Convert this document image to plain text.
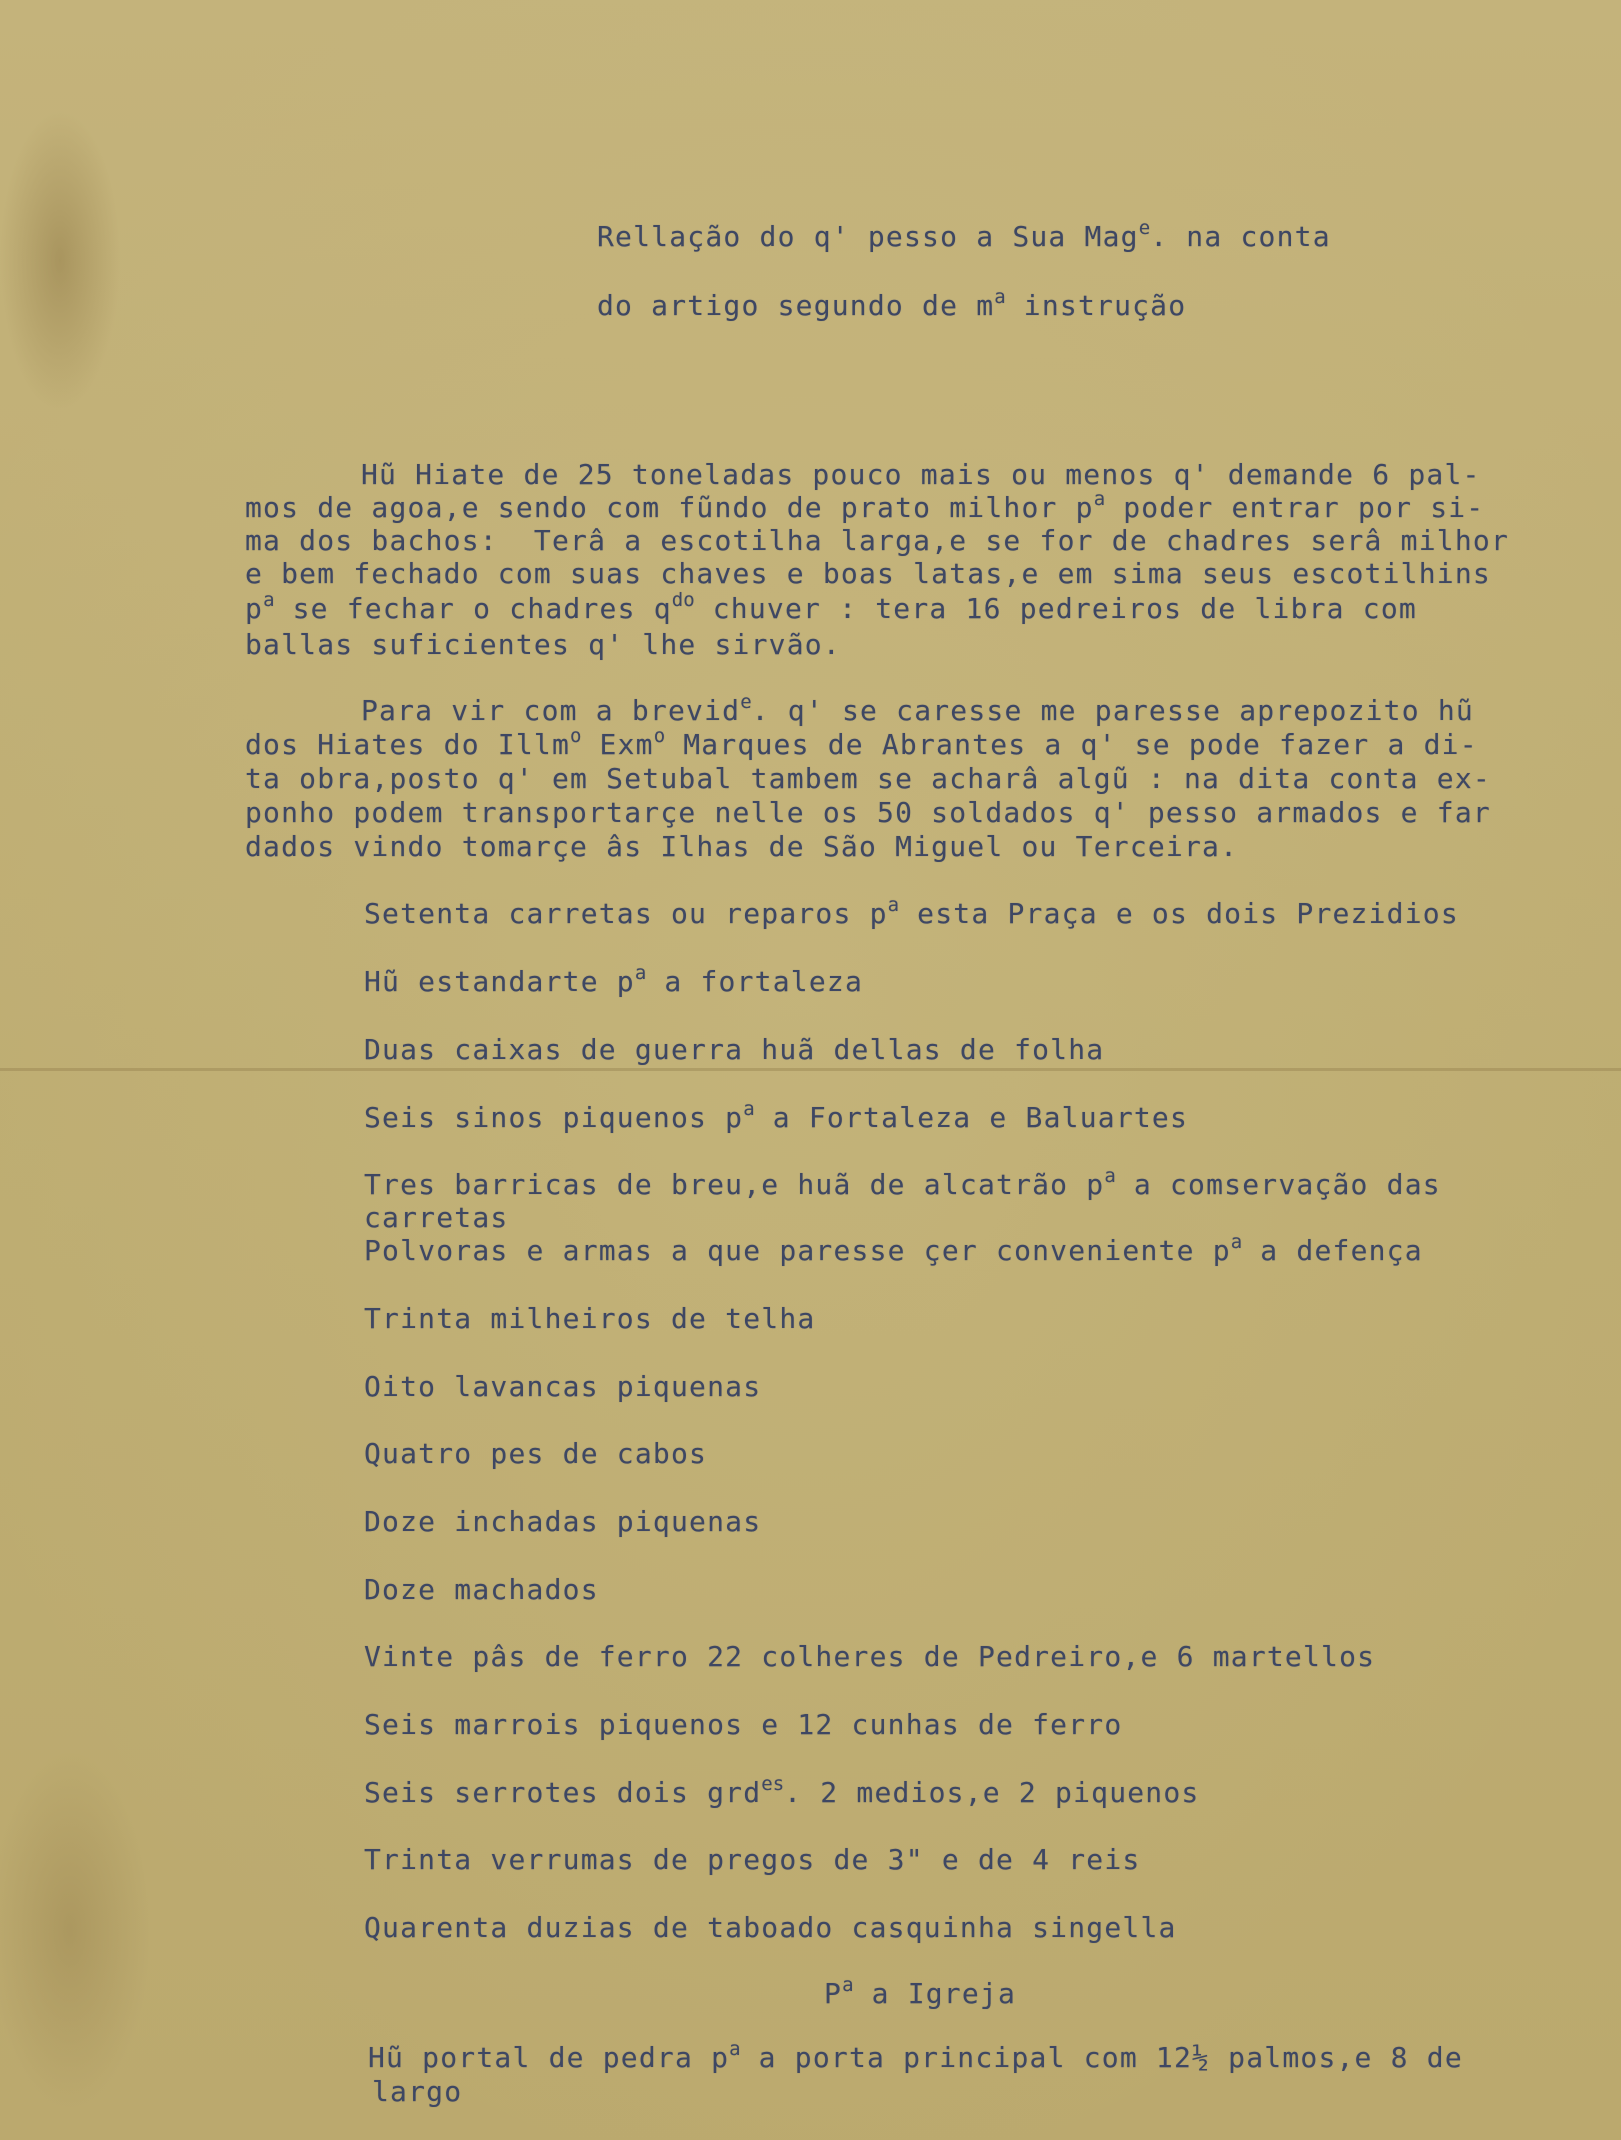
Rellação do q' pesso a Sua Mag$^e$. na conta

do artigo segundo de $m^a$ instrução

Hũ Hiate de 25 toneladas pouco mais ou menos q' demande 6 pal-

mos de agoa,e sendo com fũndo de prato milhor $p^a$ poder entrar por si-

ma dos bachos:  Terâ a escotilha larga,e se for de chadres serâ milhor

e bem fechado com suas chaves e boas latas,e em sima seus escotilhins

$p^a$ se fechar o chadres $q^{do}$ chuver : tera 16 pedreiros de libra com

ballas suficientes q' lhe sirvão.

Para vir com a brevid$^e$. q' se caresse me paresse aprepozito hũ

dos Hiates do Illm$^o$ Exm$^o$ Marques de Abrantes a q' se pode fazer a di-

ta obra,posto q' em Setubal tambem se acharâ algũ : na dita conta ex-

ponho podem transportarçe nelle os 50 soldados q' pesso armados e far

dados vindo tomarçe âs Ilhas de São Miguel ou Terceira.

Setenta carretas ou reparos $p^a$ esta Praça e os dois Prezidios

Hũ estandarte $p^a$ a fortaleza

Duas caixas de guerra huã dellas de folha

Seis sinos piquenos $p^a$ a Fortaleza e Baluartes

Tres barricas de breu,e huã de alcatrão $p^a$ a comservação das

carretas

Polvoras e armas a que paresse çer conveniente $p^a$ a defença

Trinta milheiros de telha

Oito lavancas piquenas

Quatro pes de cabos

Doze inchadas piquenas

Doze machados

Vinte pâs de ferro 22 colheres de Pedreiro,e 6 martellos

Seis marrois piquenos e 12 cunhas de ferro

Seis serrotes dois grd$^{es}$. 2 medios,e 2 piquenos

Trinta verrumas de pregos de 3" e de 4 reis

Quarenta duzias de taboado casquinha singella

$P^a$ a Igreja

Hũ portal de pedra $p^a$ a porta principal com 12½ palmos,e 8 de

largo
